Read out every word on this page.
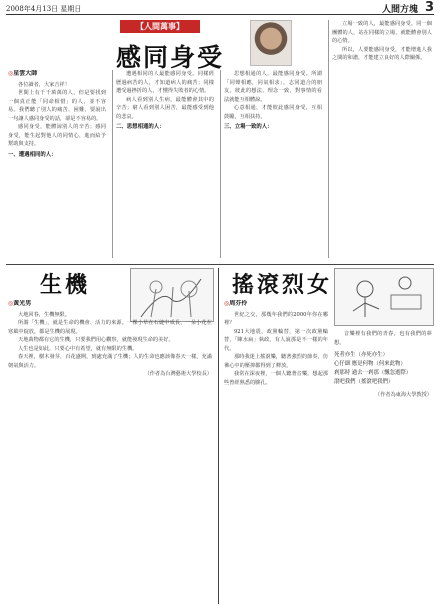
2008年4月13日 星期日	人間方塊 3
【人間萬事】
感同身受
◎星雲大師

各位讀者，大家吉祥！

世間上有千千萬萬的人，但是要找到一個真正能「同命相惜」的人，並不容易。我們聽了別人的痛苦、困難，要說出一句讓人感同身受的話，卻是不容易的。

感同身受，能體諒別人的辛苦；感同身受，能生起對他人的同情心，進而給予幫助與支持。

一、遭遇相同的人：

遭遇相同的人最能感同身受。同樣經歷過病苦的人，才知道病人的痛苦；同樣遭受過挫折的人，才懂得失敗者的心情。

病人看到別人生病，最能體會其中的辛苦；窮人看到別人困苦，最能感受到他的悲哀。

二、思想相通的人：

思想相通的人，最能感同身受。所謂「同聲相應，同氣相求」，志同道合的朋友，彼此的想法、理念一致，對事情的看法就能互相體諒。

心意相通，才能彼此感同身受，互相鼓勵，互相扶持。

三、立場一致的人：

立場一致的人，最能感同身受。同一個團體的人，站在同樣的立場，就能體會別人的心情。

所以，人要能感同身受，才能增進人我之間的和諧，才能建立良好的人際關係。

生機
◎黃光男

大地回春，生機無限。

所謂「生機」，就是生命的機會、活力的來源。一棵小草在石縫中成長，一朵小花在寒風中綻放，都是生機的展現。

天地萬物都有它的生機，只要我們用心觀察，就能發現生命的美好。

人生也是如此，只要心中有希望，就有無限的生機。

春天裡，樹木發芽，百花盛開，到處充滿了生機；人的生命也應該像春天一樣，充滿朝氣與活力。

（作者為台灣藝術大學校長）
搖滾烈女
◎周芬伶

世紀之交，那幾年我們的2000年你在哪裡？

921大地震，政黨輪替，第一次政黨輪替，「陳水扁」執政，有人說那是不一樣的年代。

那時我迷上搖滾樂，聽著強烈的節奏，彷彿心中的壓抑都得到了釋放。

我常在深夜裡，一個人聽著音樂，想起那些曾經熟悉的臉孔。

音樂裡有我們的青春，也有我們的夢想。

死者亦生（亦死亦生）
心仔細 應是何物（何來此物）
剎那時 過去一剎那（飄忽逝際）
滾吧我們（搖滾吧我們）
（作者為東海大學教授）
